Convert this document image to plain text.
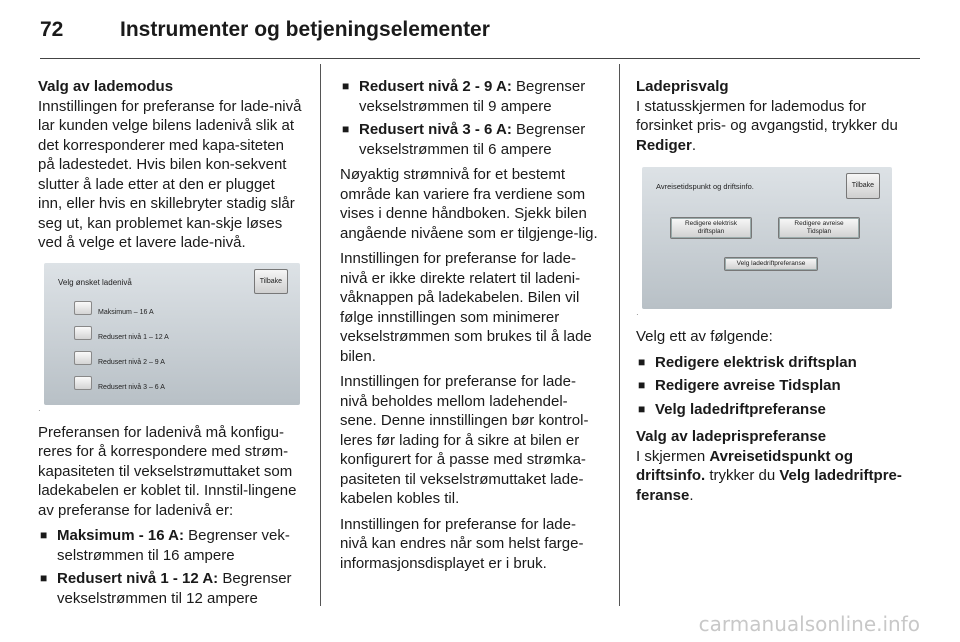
72	Instrumenter og betjeningselementer

Valg av lademodus

Innstillingen for preferanse for lade-nivå lar kunden velge bilens ladenivå slik at det korresponderer med kapa-siteten på ladestedet. Hvis bilen kon-sekvent slutter å lade etter at den er plugget inn, eller hvis en skillebryter stadig slår seg ut, kan problemet kan-skje løses ved å velge et lavere lade-nivå.

Velg ønsket ladenivå	Tilbake
Maksimum – 16 A
Redusert nivå 1 – 12 A
Redusert nivå 2 – 9 A
Redusert nivå 3 – 6 A
·

Preferansen for ladenivå må konfigu-reres for å korrespondere med strøm-kapasiteten til vekselstrømuttaket som ladekabelen er koblet til. Innstil-lingene av preferanse for ladenivå er:

■ Maksimum - 16 A: Begrenser vek-selstrømmen til 16 ampere
■ Redusert nivå 1 - 12 A: Begrenser vekselstrømmen til 12 ampere
■ Redusert nivå 2 - 9 A: Begrenser vekselstrømmen til 9 ampere
■ Redusert nivå 3 - 6 A: Begrenser vekselstrømmen til 6 ampere

Nøyaktig strømnivå for et bestemt område kan variere fra verdiene som vises i denne håndboken. Sjekk bilen angående nivåene som er tilgjenge-lig.

Innstillingen for preferanse for lade-nivå er ikke direkte relatert til ladeni-våknappen på ladekabelen. Bilen vil følge innstillingen som minimerer vekselstrømmen som brukes til å lade bilen.

Innstillingen for preferanse for lade-nivå beholdes mellom ladehendel-sene. Denne innstillingen bør kontrol-leres før lading for å sikre at bilen er konfigurert for å passe med strømka-pasiteten til vekselstrømuttaket lade-kabelen kobles til.

Innstillingen for preferanse for lade-nivå kan endres når som helst farge-informasjonsdisplayet er i bruk.

Ladeprisvalg

I statusskjermen for lademodus for forsinket pris- og avgangstid, trykker du Rediger.

Avreisetidspunkt og driftsinfo.	Tilbake
Redigere elektrisk driftsplan
Redigere avreise Tidsplan
Velg ladedriftpreferanse
·

Velg ett av følgende:

■ Redigere elektrisk driftsplan
■ Redigere avreise Tidsplan
■ Velg ladedriftpreferanse

Valg av ladeprispreferanse

I skjermen Avreisetidspunkt og driftsinfo. trykker du Velg ladedriftpre-feranse.

carmanualsonline.info
